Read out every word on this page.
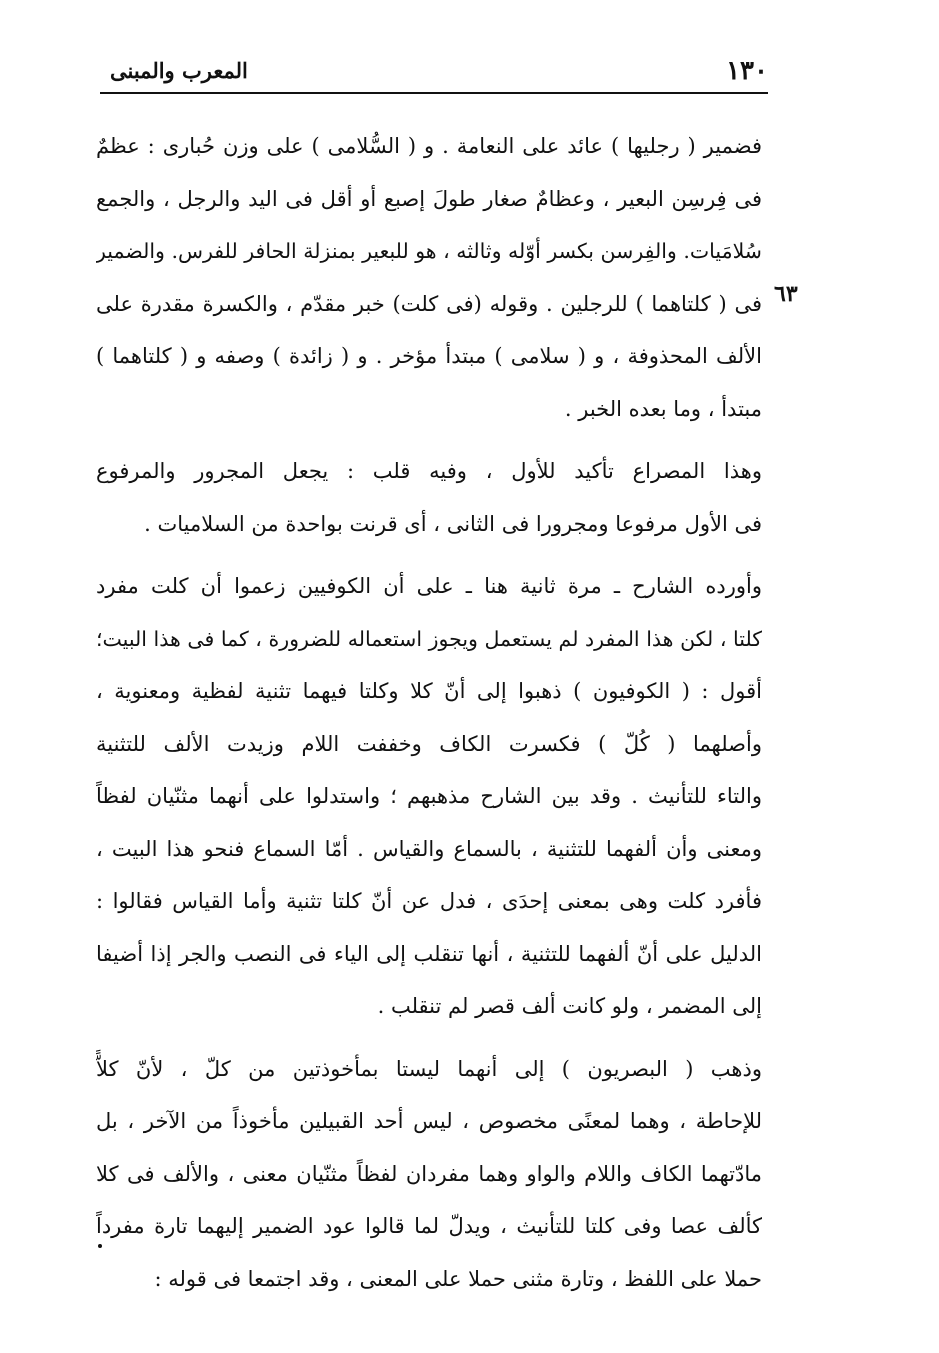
١٣٠
المعرب والمبنى
٦٣
فضمير ( رجليها ) عائد على النعامة . و ( السُّلامى ) على وزن حُبارى : عظمٌ
فى فِرسِن البعير ، وعظامٌ صغار طولَ إصبع أو أقل فى اليد والرجل ، والجمع
سُلامَيات. والفِرسن بكسر أوّله وثالثه ، هو للبعير بمنزلة الحافر للفرس. والضمير
فى ( كلتاهما ) للرجلين . وقوله (فى كلت) خبر مقدّم ، والكسرة مقدرة على
الألف المحذوفة ، و ( سلامى ) مبتدأ مؤخر . و ( زائدة ) وصفه و ( كلتاهما )
مبتدأ ، وما بعده الخبر .
وهذا المصراع تأكيد للأول ، وفيه قلب : يجعل المجرور والمرفوع
فى الأول مرفوعا ومجرورا فى الثانى ، أى قرنت بواحدة من السلاميات .
وأورده الشارح ـ مرة ثانية هنا ـ على أن الكوفيين زعموا أن كلت مفرد
كلتا ، لكن هذا المفرد لم يستعمل ويجوز استعماله للضرورة ، كما فى هذا البيت؛
أقول : ( الكوفيون ) ذهبوا إلى أنّ كلا وكلتا فيهما تثنية لفظية ومعنوية ،
وأصلهما ( كُلّ ) فكسرت الكاف وخففت اللام وزيدت الألف للتثنية
والتاء للتأنيث . وقد بين الشارح مذهبهم ؛ واستدلوا على أنهما مثنّيان لفظاً
ومعنى وأن ألفهما للتثنية ، بالسماع والقياس . أمّا السماع فنحو هذا البيت ،
فأفرد كلت وهى بمعنى إحدَى ، فدل عن أنّ كلتا تثنية وأما القياس فقالوا :
الدليل على أنّ ألفهما للتثنية ، أنها تنقلب إلى الياء فى النصب والجر إذا أضيفا
إلى المضمر ، ولو كانت ألف قصر لم تنقلب .
وذهب ( البصريون ) إلى أنهما ليستا بمأخوذتين من كلّ ، لأنّ كلاًّ
للإحاطة ، وهما لمعنًى مخصوص ، ليس أحد القبيلين مأخوذاً من الآخر ، بل
مادّتهما الكاف واللام والواو وهما مفردان لفظاً مثنّيان معنى ، والألف فى كلا
كألف عصا وفى كلتا للتأنيث ، ويدلّ لما قالوا عود الضمير إليهما تارة مفرداً
حملا على اللفظ ، وتارة مثنى حملا على المعنى ، وقد اجتمعا فى قوله :
